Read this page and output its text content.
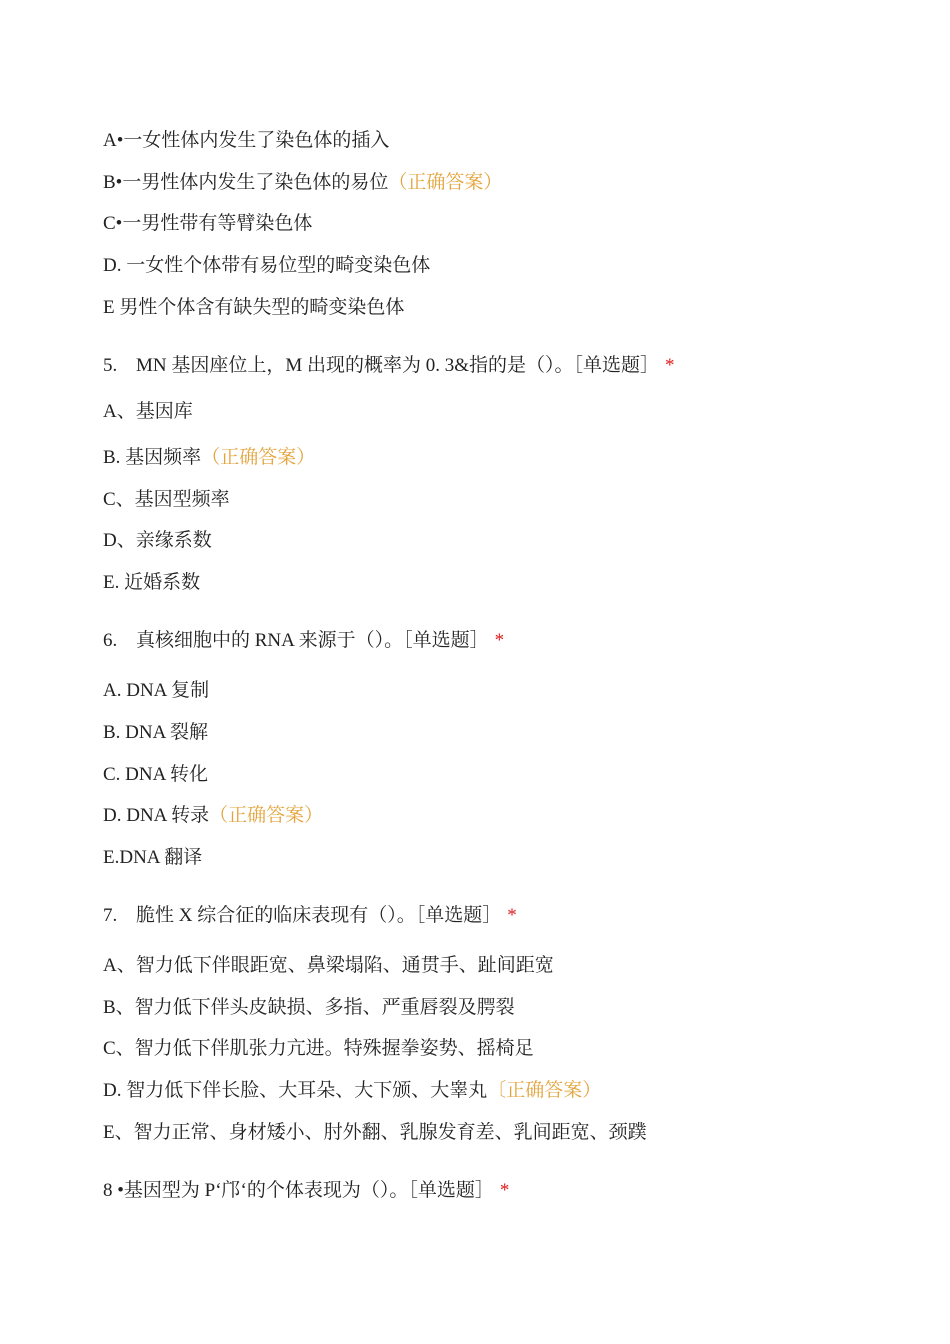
A•一女性体内发生了染色体的插入
B•一男性体内发生了染色体的易位（正确答案）
C•一男性带有等臂染色体
D. 一女性个体带有易位型的畸变染色体
E 男性个体含有缺失型的畸变染色体
5. MN 基因座位上，M 出现的概率为 0. 3&指的是（）。［单选题］ *
A、基因库
B. 基因频率（正确答案）
C、基因型频率
D、亲缘系数
E. 近婚系数
6. 真核细胞中的 RNA 来源于（）。［单选题］ *
A. DNA 复制
B. DNA 裂解
C. DNA 转化
D. DNA 转录（正确答案）
E.DNA 翻译
7. 脆性 X 综合征的临床表现有（）。［单选题］ *
A、智力低下伴眼距宽、鼻梁塌陷、通贯手、趾间距宽
B、智力低下伴头皮缺损、多指、严重唇裂及腭裂
C、智力低下伴肌张力亢进。特殊握拳姿势、摇椅足
D. 智力低下伴长脸、大耳朵、大下颁、大睾丸〔正确答案）
E、智力正常、身材矮小、肘外翻、乳腺发育差、乳间距宽、颈蹼
8 •基因型为 P‘邝‘的个体表现为（）。［单选题］ *
